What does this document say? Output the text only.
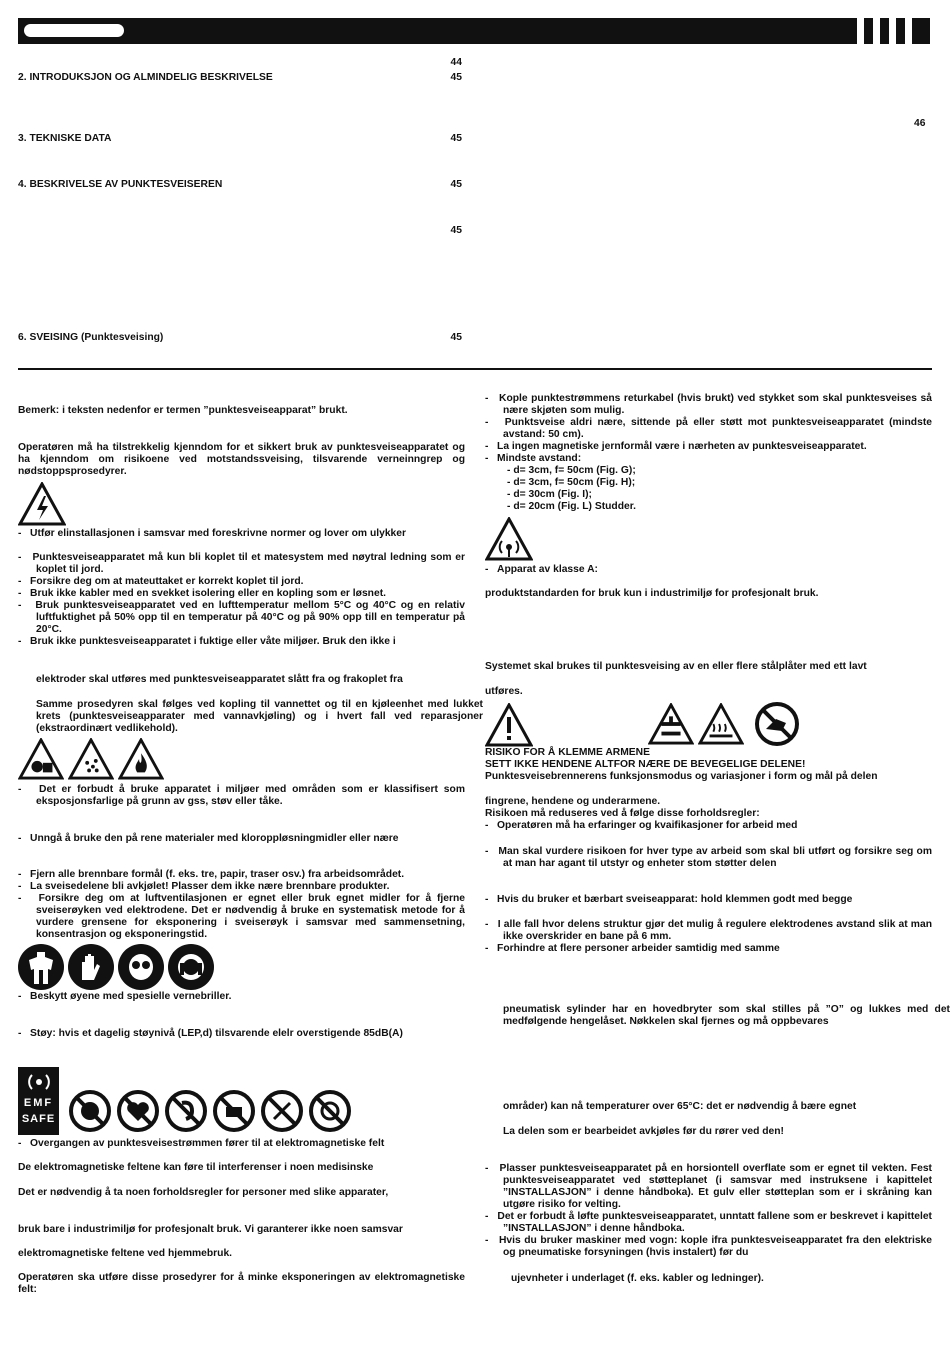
44
2. INTRODUKSJON OG ALMINDELIG BESKRIVELSE	45
3. TEKNISKE DATA	45
4. BESKRIVELSE AV PUNKTESVEISEREN	45
45
6. SVEISING (Punktesveising)	45
46

Bemerk: i teksten nedenfor er termen ”punktesveiseapparat” brukt.

Operatøren må ha tilstrekkelig kjenndom for et sikkert bruk av punktesveiseapparatet og ha kjenndom om risikoene ved motstandssveising, tilsvarende verneinngrep og nødstoppsprosedyrer.

- Utfør elinstallasjonen i samsvar med foreskrivne normer og lover om ulykker

- Punktesveiseapparatet må kun bli koplet til et matesystem med nøytral ledning som er koplet til jord.

- Forsikre deg om at mateuttaket er korrekt koplet til jord.

- Bruk ikke kabler med en svekket isolering eller en kopling som er løsnet.

- Bruk punktesveiseapparatet ved en lufttemperatur mellom 5°C og 40°C og en relativ luftfuktighet på 50% opp til en temperatur på 40°C og på 90% opp till en temperatur på 20°C.

- Bruk ikke punktesveiseapparatet i fuktige eller våte miljøer. Bruk den ikke i

elektroder skal utføres med punktesveiseapparatet slått fra og frakoplet fra

Samme prosedyren skal følges ved kopling til vannettet og til en kjøleenhet med lukket krets (punktesveiseapparater med vannavkjøling) og i hvert fall ved reparasjoner (ekstraordinært vedlikehold).

- Det er forbudt å bruke apparatet i miljøer med områden som er klassifisert som eksposjonsfarlige på grunn av gss, støv eller tåke.

- Unngå å bruke den på rene materialer med kloroppløsningmidler eller nære

- Fjern alle brennbare formål (f. eks. tre, papir, traser osv.) fra arbeidsområdet.

- La sveisedelene bli avkjølet! Plasser dem ikke nære brennbare produkter.

- Forsikre deg om at luftventilasjonen er egnet eller bruk egnet midler for å fjerne sveiserøyken ved elektrodene. Det er nødvendig å bruke en systematisk metode for å vurdere grensene for eksponering i sveiserøyk i samsvar med sammensetning, konsentrasjon og eksponeringstid.

- Beskytt øyene med spesielle vernebriller.

- Støy: hvis et dagelig støynivå (LEP,d) tilsvarende elelr overstigende 85dB(A)

EMF
SAFE

- Overgangen av punktesveisestrømmen fører til at elektromagnetiske felt

De elektromagnetiske feltene kan føre til interferenser i noen medisinske

Det er nødvendig å ta noen forholdsregler for personer med slike apparater,

bruk bare i industrimiljø for profesjonalt bruk. Vi garanterer ikke noen samsvar

elektromagnetiske feltene ved hjemmebruk.

Operatøren ska utføre disse prosedyrer for å minke eksponeringen av elektromagnetiske felt:

- Kople punktestrømmens returkabel (hvis brukt) ved stykket som skal punktesveises så nære skjøten som mulig.

- Punktsveise aldri nære, sittende på eller støtt mot punktesveiseapparatet (mindste avstand: 50 cm).

- La ingen magnetiske jernformål være i nærheten av punktesveiseapparatet.

- Mindste avstand:

- d= 3cm, f= 50cm (Fig. G);

- d= 3cm, f= 50cm (Fig. H);

- d= 30cm (Fig. I);

- d= 20cm (Fig. L) Studder.

- Apparat av klasse A:

produktstandarden for bruk kun i industrimiljø for profesjonalt bruk.

Systemet skal brukes til punktesveising av en eller flere stålplåter med ett lavt

utføres.

RISIKO FOR Å KLEMME ARMENE

SETT IKKE HENDENE ALTFOR NÆRE DE BEVEGELIGE DELENE!

Punktesveisebrennerens funksjonsmodus og variasjoner i form og mål på delen

fingrene, hendene og underarmene.

Risikoen må reduseres ved å følge disse forholdsregler:

- Operatøren må ha erfaringer og kvaifikasjoner for arbeid med

- Man skal vurdere risikoen for hver type av arbeid som skal bli utført og forsikre seg om at man har agant til utstyr og enheter stom støtter delen

- Hvis du bruker et bærbart sveiseapparat: hold klemmen godt med begge

- I alle fall hvor delens struktur gjør det mulig å regulere elektrodenes avstand slik at man ikke overskrider en bane på 6 mm.

- Forhindre at flere personer arbeider samtidig med samme

pneumatisk sylinder har en hovedbryter som skal stilles på ”O” og lukkes med det medfølgende hengelåset. Nøkkelen skal fjernes og må oppbevares

områder) kan nå temperaturer over 65°C: det er nødvendig å bære egnet

La delen som er bearbeidet avkjøles før du rører ved den!

- Plasser punktesveiseapparatet på en horsiontell overflate som er egnet til vekten. Fest punktesveiseapparatet ved støtteplanet (i samsvar med instruksene i kapittelet ”INSTALLASJON” i denne håndboka). Et gulv eller støtteplan som er i skråning kan utgøre risiko for velting.

- Det er forbudt å løfte punktesveiseapparatet, unntatt fallene som er beskrevet i kapittelet ”INSTALLASJON” i denne håndboka.

- Hvis du bruker maskiner med vogn: kople ifra punktesveiseapparatet fra den elektriske og pneumatiske forsyningen (hvis instalert) før du

ujevnheter i underlaget (f. eks. kabler og ledninger).
